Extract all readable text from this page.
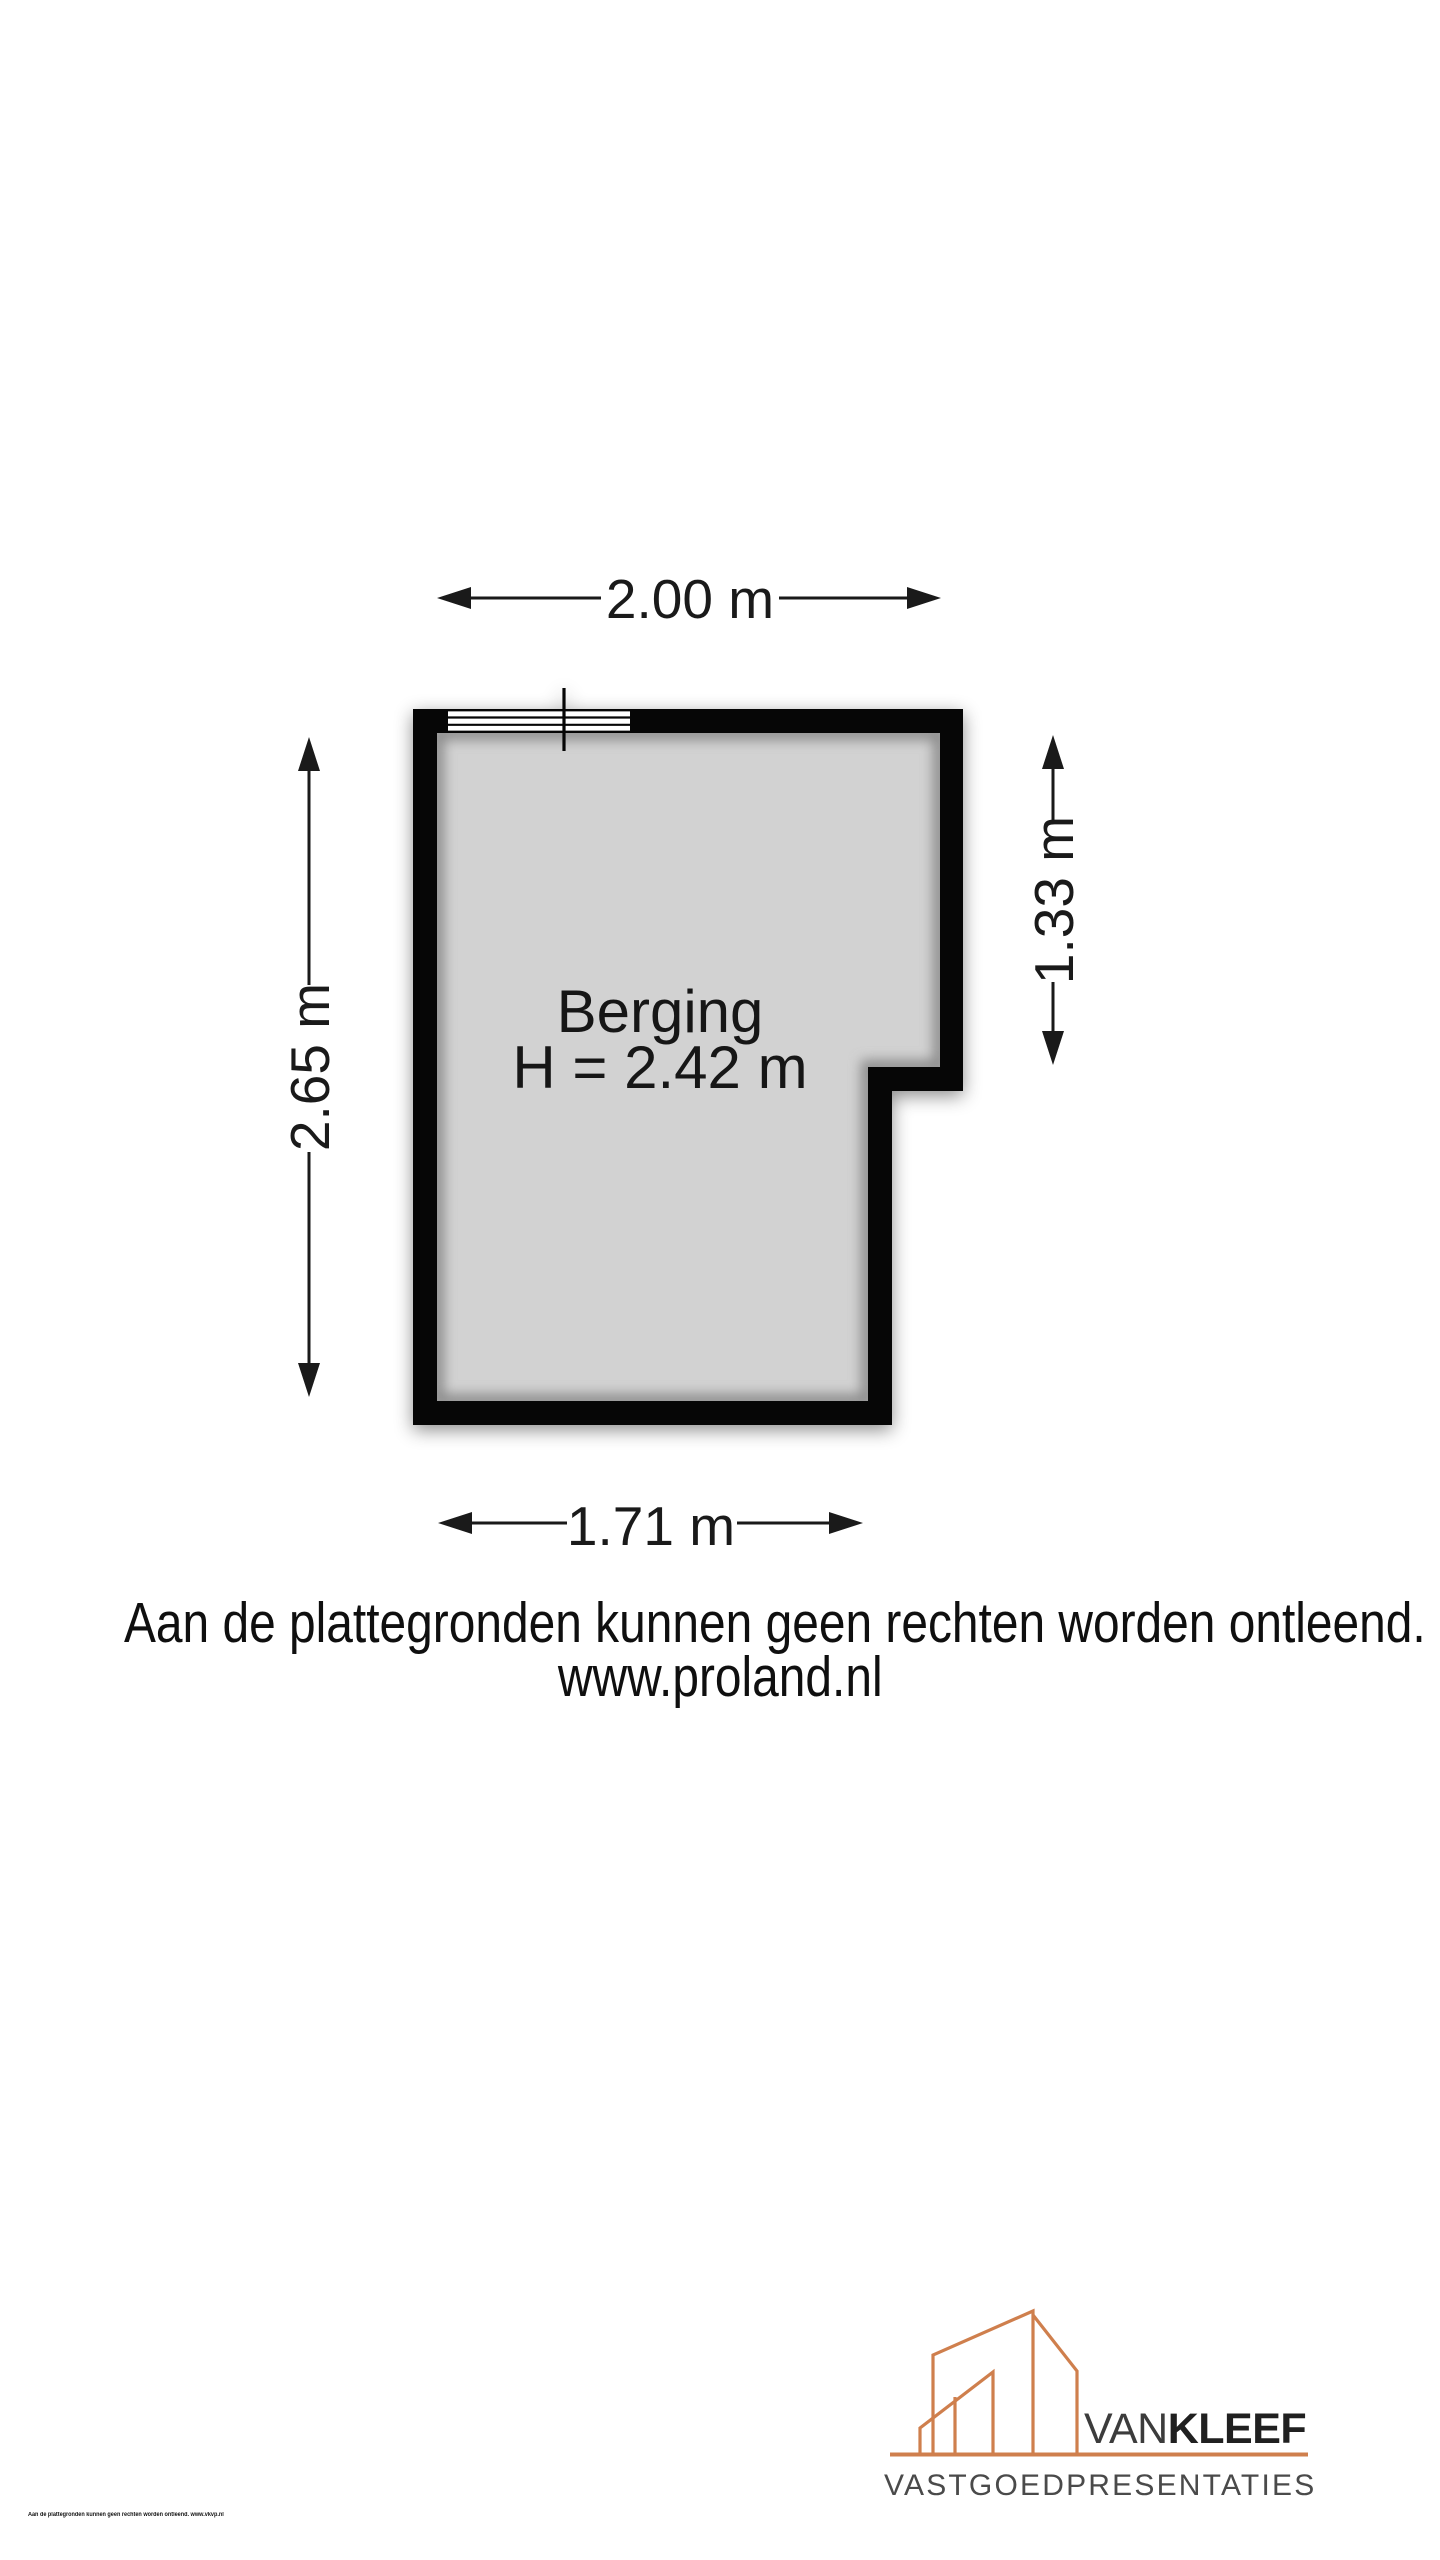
2.00 m
2.65 m
1.33 m
1.71 m
Berging
H = 2.42 m
Aan de plattegronden kunnen geen rechten worden ontleend.
www.proland.nl
VANKLEEF
VASTGOEDPRESENTATIES
Aan de plattegronden kunnen geen rechten worden ontleend. www.vkvp.nl
